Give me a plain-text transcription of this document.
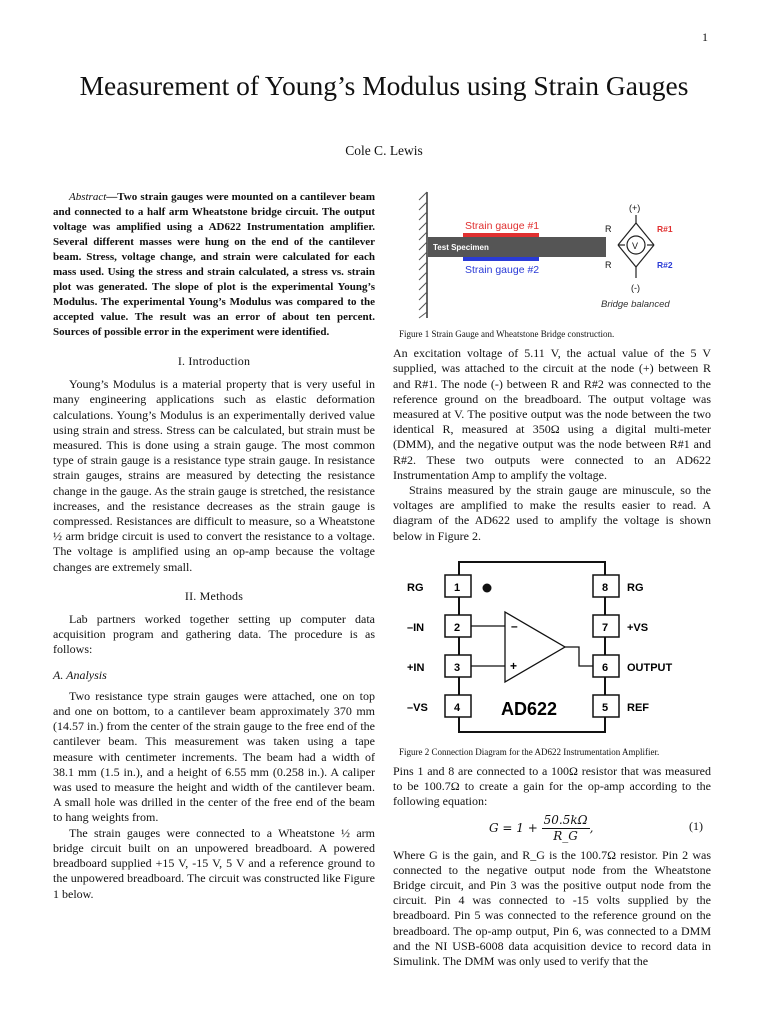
1
Measurement of Young’s Modulus using Strain Gauges
Cole C. Lewis

Abstract—Two strain gauges were mounted on a cantilever beam and connected to a half arm Wheatstone bridge circuit. The output voltage was amplified using a AD622 Instrumentation amplifier. Several different masses were hung on the end of the cantilever beam. Stress, voltage change, and strain were calculated for each mass used. Using the stress and strain calculated, a stress vs. strain plot was generated. The slope of plot is the experimental Young’s Modulus. The experimental Young’s Modulus was compared to the accepted value. The result was an error of about ten percent. Sources of possible error in the experiment were identified.

I. Introduction

Young’s Modulus is a material property that is very useful in many engineering applications such as elastic deformation calculations. Young’s Modulus is an experimentally derived value using strain and stress. Stress can be calculated, but strain must be measured. This is done using a strain gauge. The most common type of strain gauge is a resistance type strain gauge. In resistance strain gauges, strains are measured by detecting the resistance change in the gauge. As the strain gauge is stretched, the resistance increases, and the resistance decreases as the strain gauge is compressed. Resistances are difficult to measure, so a Wheatstone ½ arm bridge circuit is used to convert the resistance to a voltage. The voltage is amplified using an op-amp because the voltage changes are extremely small.

II. Methods

Lab partners worked together setting up computer data acquisition program and gathering data. The procedure is as follows:

A. Analysis

Two resistance type strain gauges were attached, one on top and one on bottom, to a cantilever beam approximately 370 mm (14.57 in.) from the center of the strain gauge to the free end of the cantilever beam. This measurement was taken using a tape measure with centimeter increments. The beam had a width of 38.1 mm (1.5 in.), and a height of 6.55 mm (0.258 in.). A caliper was used to measure the height and width of the cantilever beam. A small hole was drilled in the center of the free end of the beam to hang weights from.

The strain gauges were connected to a Wheatstone ½ arm bridge circuit built on an unpowered breadboard. A powered breadboard supplied +15 V, -15 V, 5 V and a reference ground to the unpowered breadboard. The circuit was constructed like Figure 1 below.

Test Specimen
Strain gauge #1
Strain gauge #2
(+)
(-)
V
R
R
R#1
R#2
Bridge balanced
Figure 1 Strain Gauge and Wheatstone Bridge construction.

An excitation voltage of 5.11 V, the actual value of the 5 V supplied, was attached to the circuit at the node (+) between R and R#1. The node (-) between R and R#2 was connected to the reference ground on the breadboard. The output voltage was measured at V. The positive output was the node between the two identical R, measured at 350Ω using a digital multi-meter (DMM), and the negative output was the node between R#1 and R#2. These two outputs were connected to an AD622 Instrumentation Amp to amplify the voltage.

Strains measured by the strain gauge are minuscule, so the voltages are amplified to make the results easier to read. A diagram of the AD622 used to amplify the voltage is shown below in Figure 2.

1
2
3
4
RG
–IN
+IN
–VS
8
7
6
5
RG
+VS
OUTPUT
REF
–
+
AD622
Figure 2 Connection Diagram for the AD622 Instrumentation Amplifier.

Pins 1 and 8 are connected to a 100Ω resistor that was measured to be 100.7Ω to create a gain for the op-amp according to the following equation:

$G = 1 + \frac{50.5k\Omega}{R\_G}$ ,	(1)

Where G is the gain, and R_G is the 100.7Ω resistor. Pin 2 was connected to the negative output node from the Wheatstone Bridge circuit, and Pin 3 was the positive output node from the circuit. Pin 4 was connected to -15 volts supplied by the breadboard. Pin 5 was connected to the reference ground on the breadboard. The op-amp output, Pin 6, was connected to a DMM and the NI USB-6008 data acquisition device to record data in Simulink. The DMM was only used to verify that the
